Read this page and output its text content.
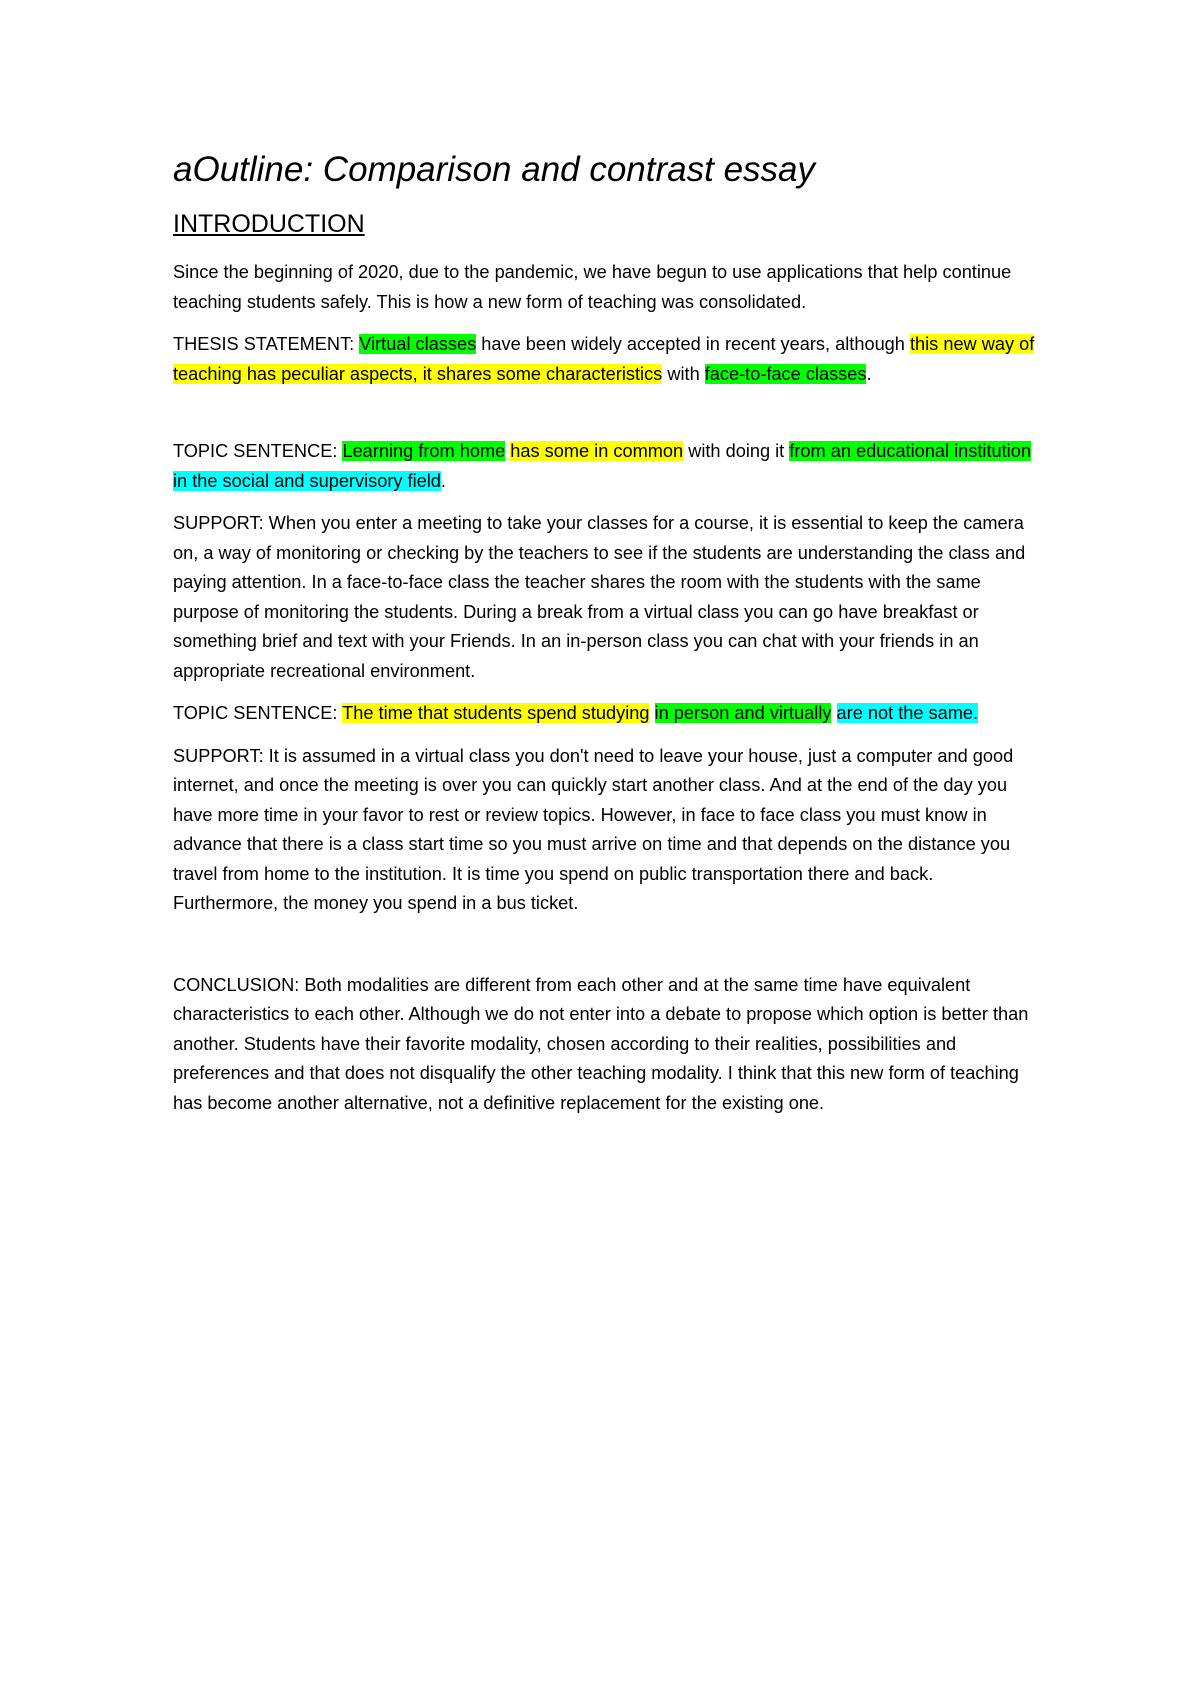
aOutline: Comparison and contrast essay
INTRODUCTION

Since the beginning of 2020, due to the pandemic, we have begun to use applications that help continue teaching students safely. This is how a new form of teaching was consolidated.

THESIS STATEMENT: Virtual classes have been widely accepted in recent years, although this new way of teaching has peculiar aspects, it shares some characteristics with face-to-face classes.

TOPIC SENTENCE: Learning from home has some in common with doing it from an educational institution in the social and supervisory field.

SUPPORT: When you enter a meeting to take your classes for a course, it is essential to keep the camera on, a way of monitoring or checking by the teachers to see if the students are understanding the class and paying attention. In a face-to-face class the teacher shares the room with the students with the same purpose of monitoring the students. During a break from a virtual class you can go have breakfast or something brief and text with your Friends. In an in-person class you can chat with your friends in an appropriate recreational environment.

TOPIC SENTENCE: The time that students spend studying in person and virtually are not the same.

SUPPORT: It is assumed in a virtual class you don't need to leave your house, just a computer and good internet, and once the meeting is over you can quickly start another class. And at the end of the day you have more time in your favor to rest or review topics. However, in face to face class you must know in advance that there is a class start time so you must arrive on time and that depends on the distance you travel from home to the institution. It is time you spend on public transportation there and back. Furthermore, the money you spend in a bus ticket.

CONCLUSION: Both modalities are different from each other and at the same time have equivalent characteristics to each other. Although we do not enter into a debate to propose which option is better than another. Students have their favorite modality, chosen according to their realities, possibilities and preferences and that does not disqualify the other teaching modality. I think that this new form of teaching has become another alternative, not a definitive replacement for the existing one.
